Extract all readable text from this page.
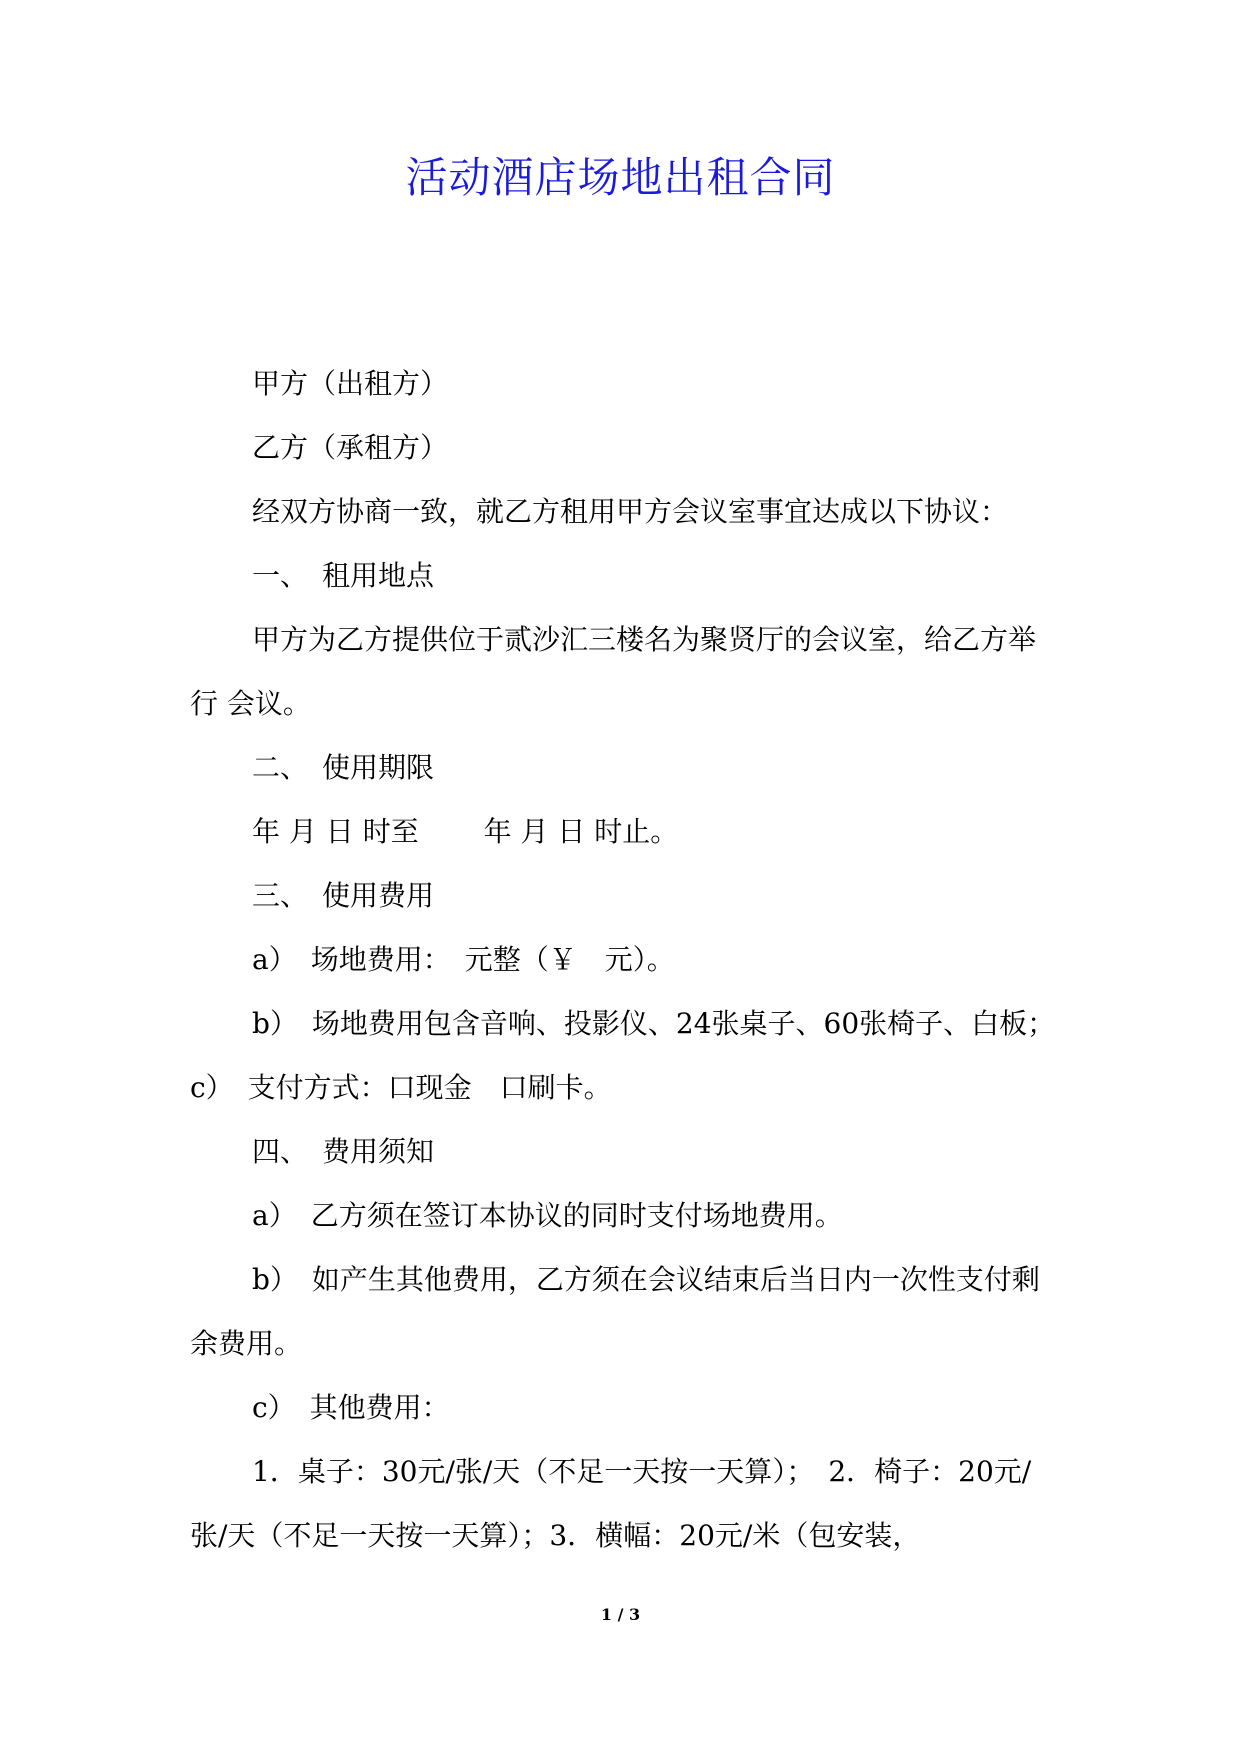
活动酒店场地出租合同

甲方（出租方）

乙方（承租方）

经双方协商一致，就乙方租用甲方会议室事宜达成以下协议：

一、　租用地点

甲方为乙方提供位于贰沙汇三楼名为聚贤厅的会议室，给乙方举行 会议。

二、　使用期限

年 月 日 时至　　 年 月 日 时止。

三、　使用费用

a）　场地费用：　元整（￥　元）。

b）　场地费用包含音响、投影仪、24张桌子、60张椅子、白板；　c）　支付方式：口现金　口刷卡。

四、　费用须知

a）　乙方须在签订本协议的同时支付场地费用。

b）　如产生其他费用，乙方须在会议结束后当日内一次性支付剩余费用。

c）　其他费用：

1．桌子：30元/张/天（不足一天按一天算）；　2．椅子：20元/张/天（不足一天按一天算）；3．横幅：20元/米（包安装，

1 / 3
